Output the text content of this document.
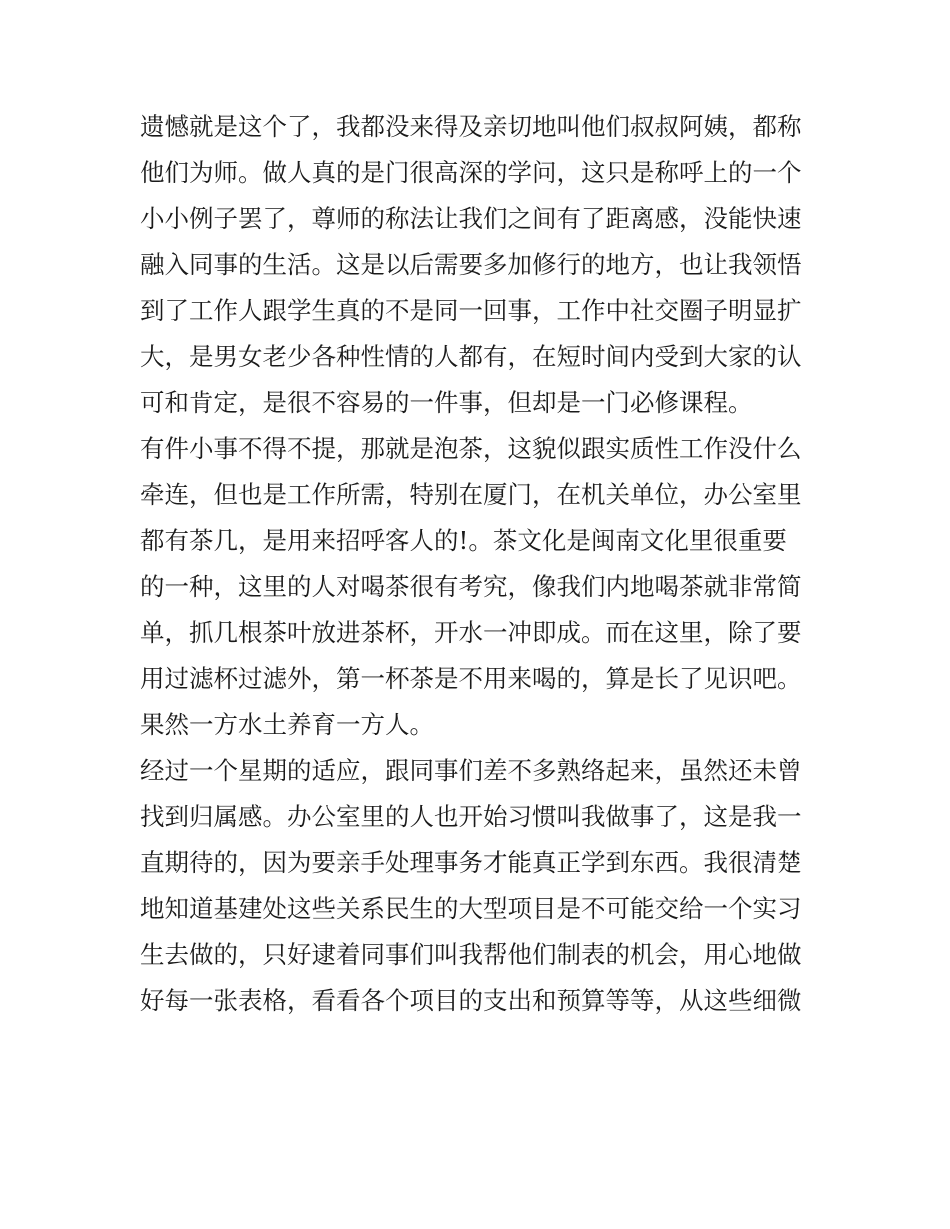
遗憾就是这个了，我都没来得及亲切地叫他们叔叔阿姨，都称
他们为师。做人真的是门很高深的学问，这只是称呼上的一个
小小例子罢了，尊师的称法让我们之间有了距离感，没能快速
融入同事的生活。这是以后需要多加修行的地方，也让我领悟
到了工作人跟学生真的不是同一回事，工作中社交圈子明显扩
大，是男女老少各种性情的人都有，在短时间内受到大家的认
可和肯定，是很不容易的一件事，但却是一门必修课程。
有件小事不得不提，那就是泡茶，这貌似跟实质性工作没什么
牵连，但也是工作所需，特别在厦门，在机关单位，办公室里
都有茶几，是用来招呼客人的!。茶文化是闽南文化里很重要
的一种，这里的人对喝茶很有考究，像我们内地喝茶就非常简
单，抓几根茶叶放进茶杯，开水一冲即成。而在这里，除了要
用过滤杯过滤外，第一杯茶是不用来喝的，算是长了见识吧。
果然一方水土养育一方人。
经过一个星期的适应，跟同事们差不多熟络起来，虽然还未曾
找到归属感。办公室里的人也开始习惯叫我做事了，这是我一
直期待的，因为要亲手处理事务才能真正学到东西。我很清楚
地知道基建处这些关系民生的大型项目是不可能交给一个实习
生去做的，只好逮着同事们叫我帮他们制表的机会，用心地做
好每一张表格，看看各个项目的支出和预算等等，从这些细微
